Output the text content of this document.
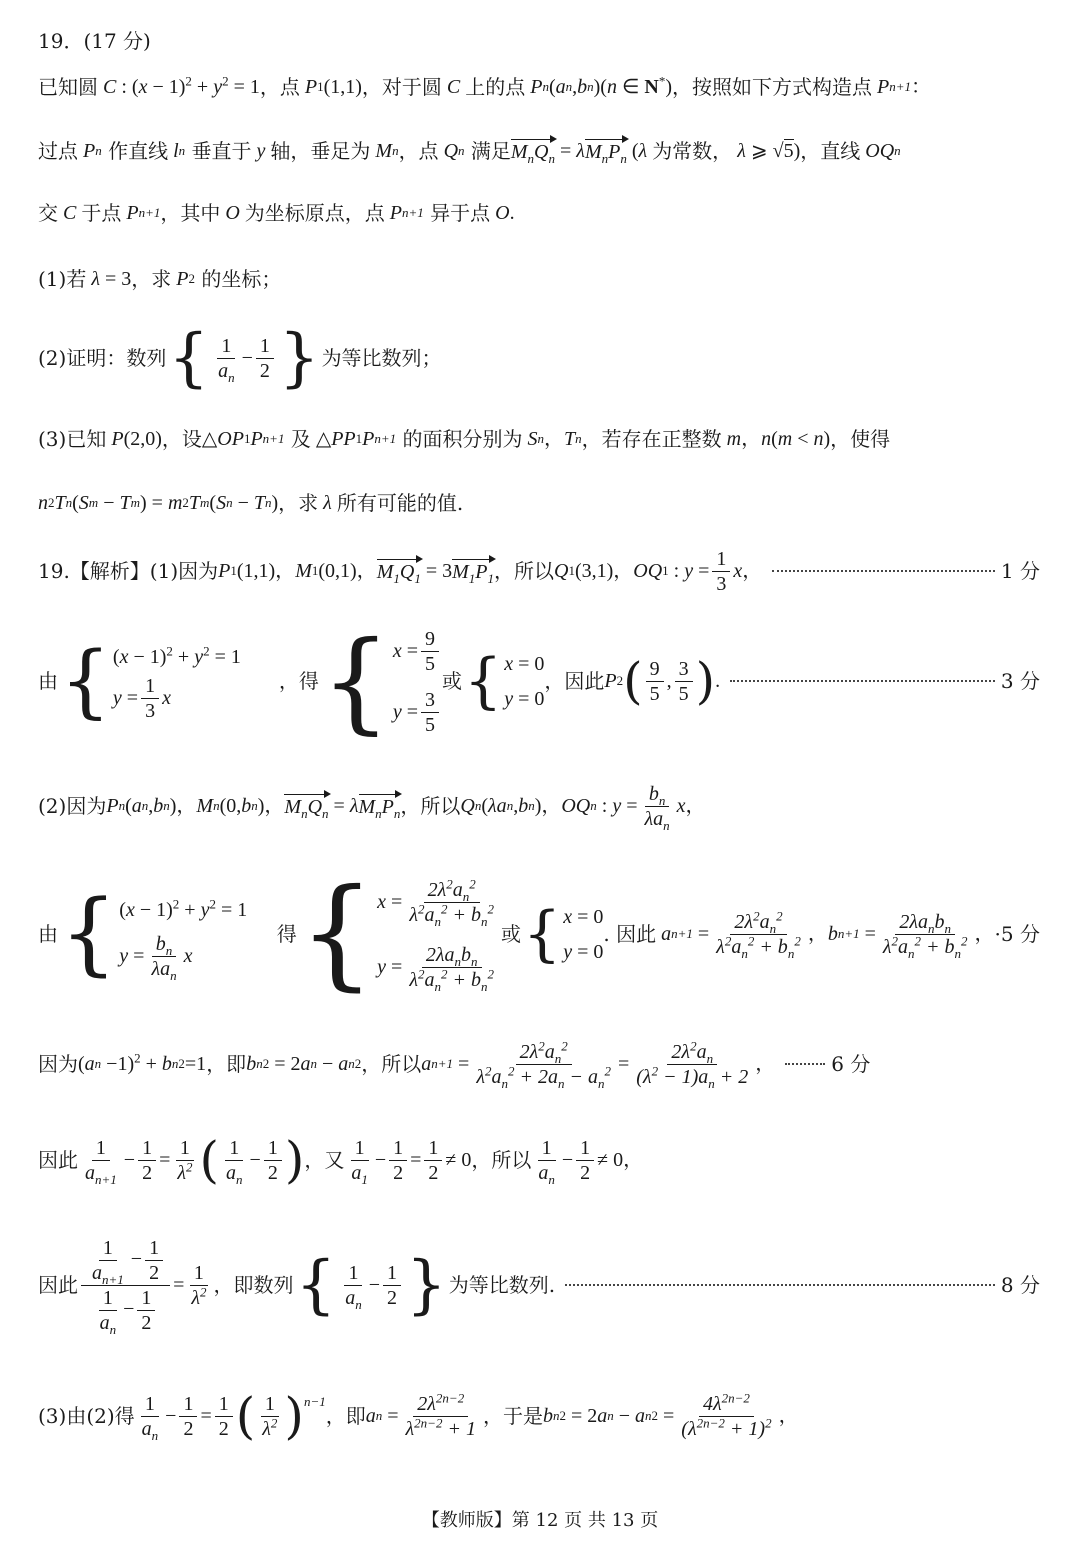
19．(17 分)
已知圆 C : ( x − 1)$^2$ + y $^2$ = 1 ，点 P 1 (1,1) ，对于圆 C 上的点 P n ( a n , b n )( n ∈ N*) ，按照如下方式构造点 P n+1 ：
过点 P n
作直线 l n
垂直于 y 轴，垂足为 M n ，点 Q n
满足 $M_nQ_n = \lambda$ $M_nP_n$ ( λ 为常数， λ ⩾ √5) ，直线 OQ n
交 C 于点 P n+1 ，其中 O 为坐标原点，点 P n+1
异于点 O .
(1)若 λ = 3 ，求 P 2
的坐标；
(2)证明：数列 { $\frac{1}{a_n} - \frac{1}{2}$ } 为等比数列；
(3)已知 P (2,0) ，设 △ OP 1 P n+1
及 △ PP 1 P n+1
的面积分别为 S n ， T n ，若存在正整数 m ， n ( m < n ) ，使得
n 2 T n ( S m − T m ) = m 2 T m ( S n − T n ) ，求 λ 所有可能的值.
19.【解析】(1)因为 P 1 (1,1)， M 1 (0,1)， $M_1Q_1 = 3$ $M_1P_1$ ，所以 Q 1 (3,1)， OQ 1 : $y = \frac{1}{3}$ x ，	1 分
由 { $(x - 1)^2 + y^2 = 1$
$y = \frac{1}{3}$ x
，得 { $x = \frac{9}{5}$
$y = \frac{3}{5}$
或 { x = 0
y = 0
，因此 P 2 ( $\frac{9}{5}$ , $\frac{3}{5}$ ) .	3 分
(2)因为 P n ( a n , b n )， M n (0, b n )， $M_nQ_n = \lambda$ $M_nP_n$ ，所以 Q n ( λa n , b n )， OQ n : $y = \frac{b_n}{\lambda a_n}$ x ，
由 { $(x - 1)^2 + y^2 = 1$
$y = \frac{b_n}{\lambda a_n}$ x
得 { $x = \frac{2\lambda^2a_n^2}{\lambda^2a_n^2 + b_n^2}$
$y = \frac{2\lambda a_nb_n}{\lambda^2a_n^2 + b_n^2}$
或 { x = 0
y = 0
. 因此 a $n+1 = \frac{2\lambda^2a_n^2}{\lambda^2a_n^2 + b_n^2}$ ， b $n+1 = \frac{2\lambda a_nb_n}{\lambda^2a_n^2 + b_n^2}$ ， ·5 分
因为 ( a n −1)$^2$ + b n 2 =1 ，即 b n 2 = 2 a n − a n 2 ，所以 a $n+1 = \frac{2\lambda^2a_n^2}{\lambda^2a_n^2 + 2a_n - a_n^2} = \frac{2\lambda^2a_n}{(\lambda^2 - 1)a_n + 2}$ ，	6 分
因此 $\frac{1}{a_{n+1}} - \frac{1}{2} = \frac{1}{\lambda^2}$ ( $\frac{1}{a_n} - \frac{1}{2}$ ) ，又 $\frac{1}{a_1} - \frac{1}{2} = \frac{1}{2} \ne 0$ ，所以 $\frac{1}{a_n} - \frac{1}{2} \ne 0$，
因此 $\frac{\frac{1}{a_{n+1}} - \frac{1}{2}}{\frac{1}{a_n} - \frac{1}{2}} = \frac{1}{\lambda^2}$ ，即数列 { $\frac{1}{a_n} - \frac{1}{2}$ } 为等比数列.	8 分
(3)由(2)得 $\frac{1}{a_n} - \frac{1}{2} = \frac{1}{2}$ ( $\frac{1}{\lambda^2} )^{n-1}$
，即 a $n = \frac{2\lambda^{2n-2}}{\lambda^{2n-2} + 1}$ ，于是 b n 2 = 2 a n − a n $2 = \frac{4\lambda^{2n-2}}{(\lambda^{2n-2} + 1)^2}$ ，
【教师版】第 12 页 共 13 页
